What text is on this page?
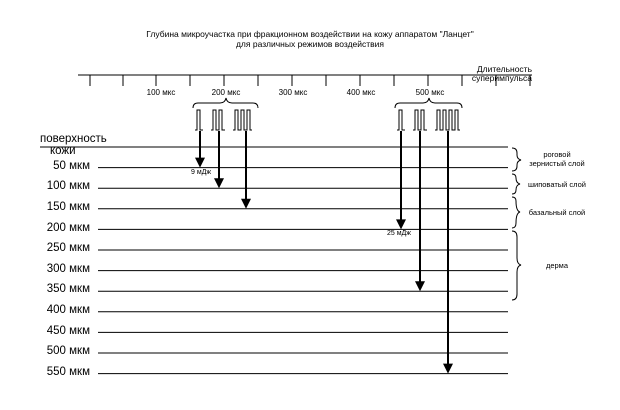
Глубина микроучастка при фракционном воздействии на кожу аппаратом "Ланцет"
для различных режимов воздействия
Длительность
суперимпульса
100 мкс	200 мкс	300 мкс	400 мкс	500 мкс
поверхность
кожи
50 мкм
100 мкм
150 мкм
200 мкм
250 мкм
300 мкм
350 мкм
400 мкм
450 мкм
500 мкм
550 мкм
роговой
зернистый слой
шиповатый слой
базальный слой
дерма
9 мДж
25 мДж
